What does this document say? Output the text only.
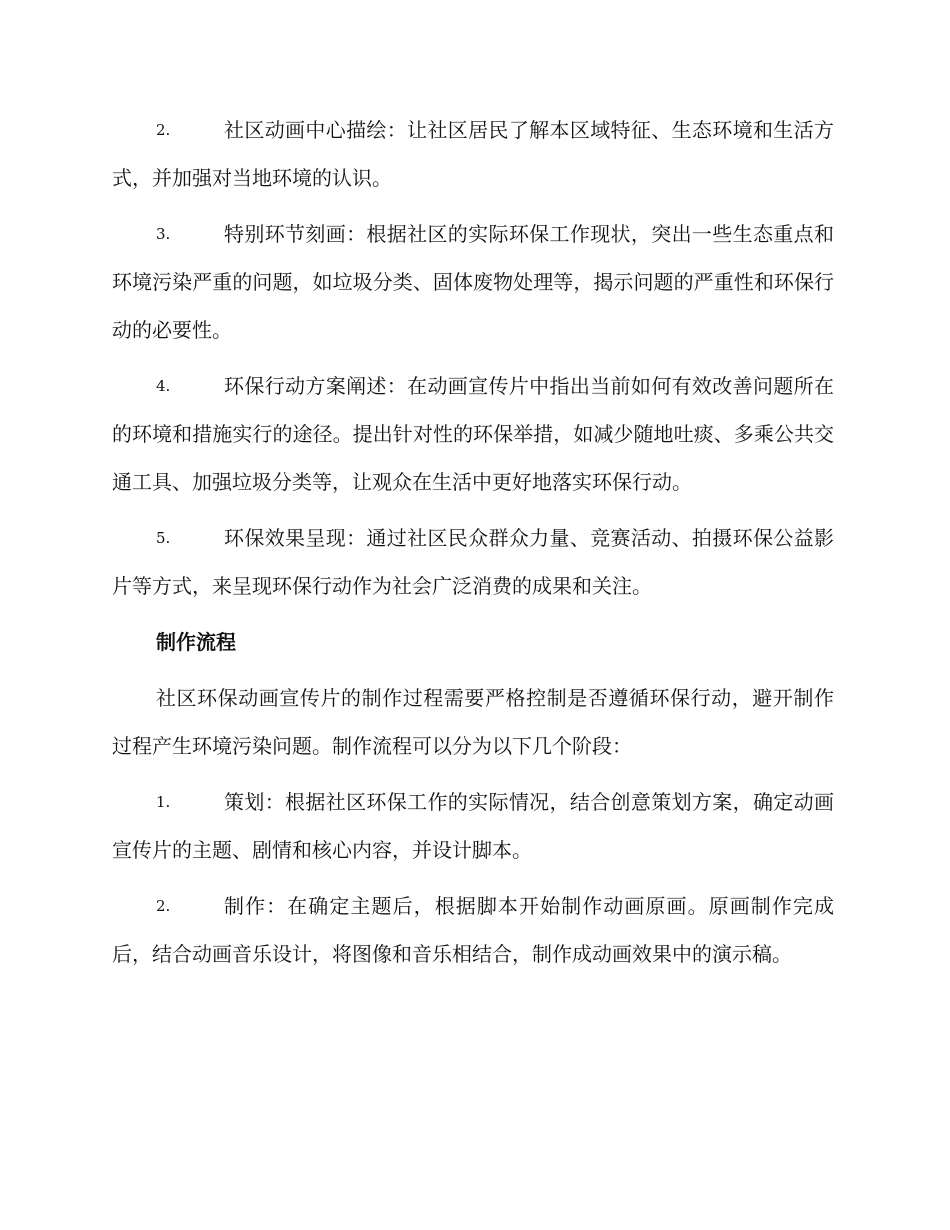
2.	社区动画中心描绘：让社区居民了解本区域特征、生态环境和生活方式，并加强对当地环境的认识。

3.	特别环节刻画：根据社区的实际环保工作现状，突出一些生态重点和环境污染严重的问题，如垃圾分类、固体废物处理等，揭示问题的严重性和环保行动的必要性。

4.	环保行动方案阐述：在动画宣传片中指出当前如何有效改善问题所在的环境和措施实行的途径。提出针对性的环保举措，如减少随地吐痰、多乘公共交通工具、加强垃圾分类等，让观众在生活中更好地落实环保行动。

5.	环保效果呈现：通过社区民众群众力量、竞赛活动、拍摄环保公益影片等方式，来呈现环保行动作为社会广泛消费的成果和关注。

制作流程

社区环保动画宣传片的制作过程需要严格控制是否遵循环保行动，避开制作过程产生环境污染问题。制作流程可以分为以下几个阶段：

1.	策划：根据社区环保工作的实际情况，结合创意策划方案，确定动画宣传片的主题、剧情和核心内容，并设计脚本。

2.	制作：在确定主题后，根据脚本开始制作动画原画。原画制作完成后，结合动画音乐设计，将图像和音乐相结合，制作成动画效果中的演示稿。
